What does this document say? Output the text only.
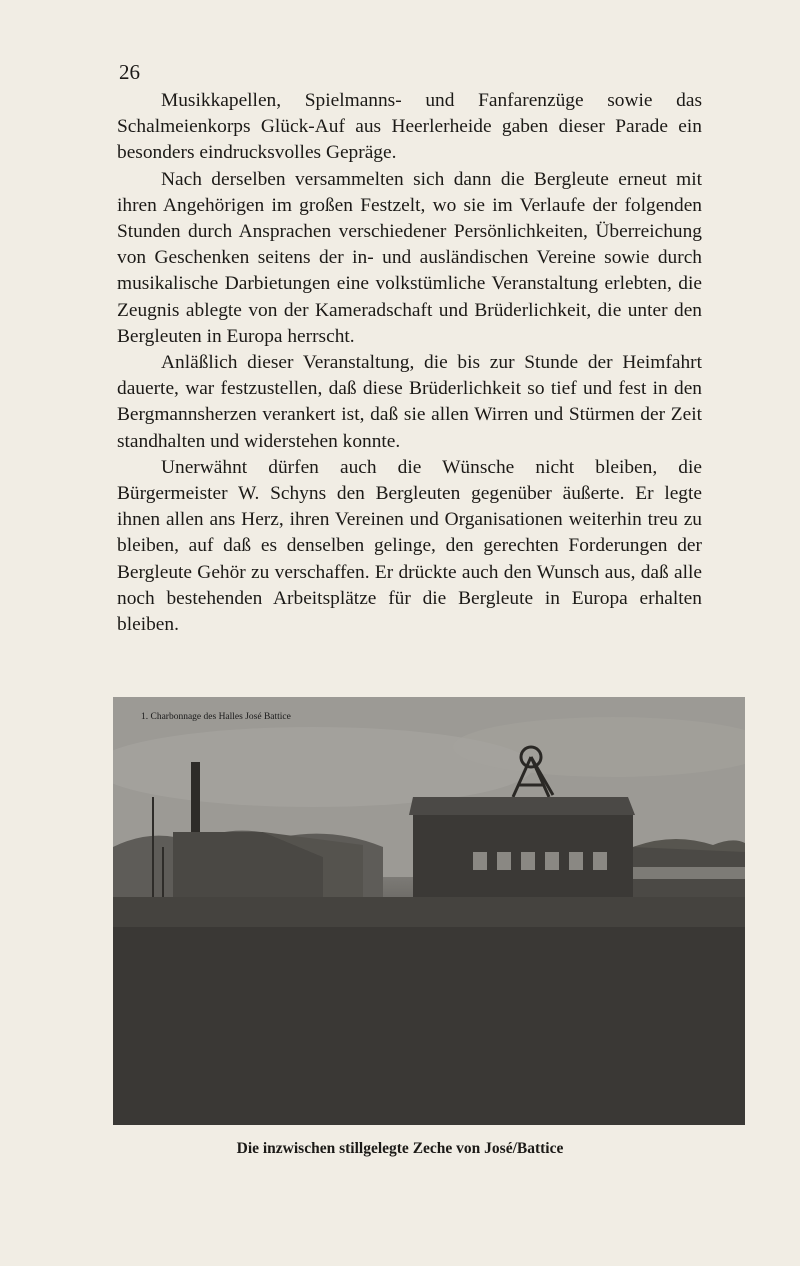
26

Musikkapellen, Spielmanns- und Fanfarenzüge sowie das Schalmeienkorps Glück-Auf aus Heerlerheide gaben dieser Parade ein besonders eindrucksvolles Gepräge.

Nach derselben versammelten sich dann die Bergleute erneut mit ihren Angehörigen im großen Festzelt, wo sie im Verlaufe der folgenden Stunden durch Ansprachen verschiedener Persönlichkeiten, Überreichung von Geschenken seitens der in- und ausländischen Vereine sowie durch musikalische Darbietungen eine volkstümliche Veranstaltung erlebten, die Zeugnis ablegte von der Kameradschaft und Brüderlichkeit, die unter den Bergleuten in Europa herrscht.

Anläßlich dieser Veranstaltung, die bis zur Stunde der Heimfahrt dauerte, war festzustellen, daß diese Brüderlichkeit so tief und fest in den Bergmannsherzen verankert ist, daß sie allen Wirren und Stürmen der Zeit standhalten und widerstehen konnte.

Unerwähnt dürfen auch die Wünsche nicht bleiben, die Bürgermeister W. Schyns den Bergleuten gegenüber äußerte. Er legte ihnen allen ans Herz, ihren Vereinen und Organisationen weiterhin treu zu bleiben, auf daß es denselben gelinge, den gerechten Forderungen der Bergleute Gehör zu verschaffen. Er drückte auch den Wunsch aus, daß alle noch bestehenden Arbeitsplätze für die Bergleute in Europa erhalten bleiben.

1. Charbonnage des Halles José Battice
Die inzwischen stillgelegte Zeche von José/Battice
